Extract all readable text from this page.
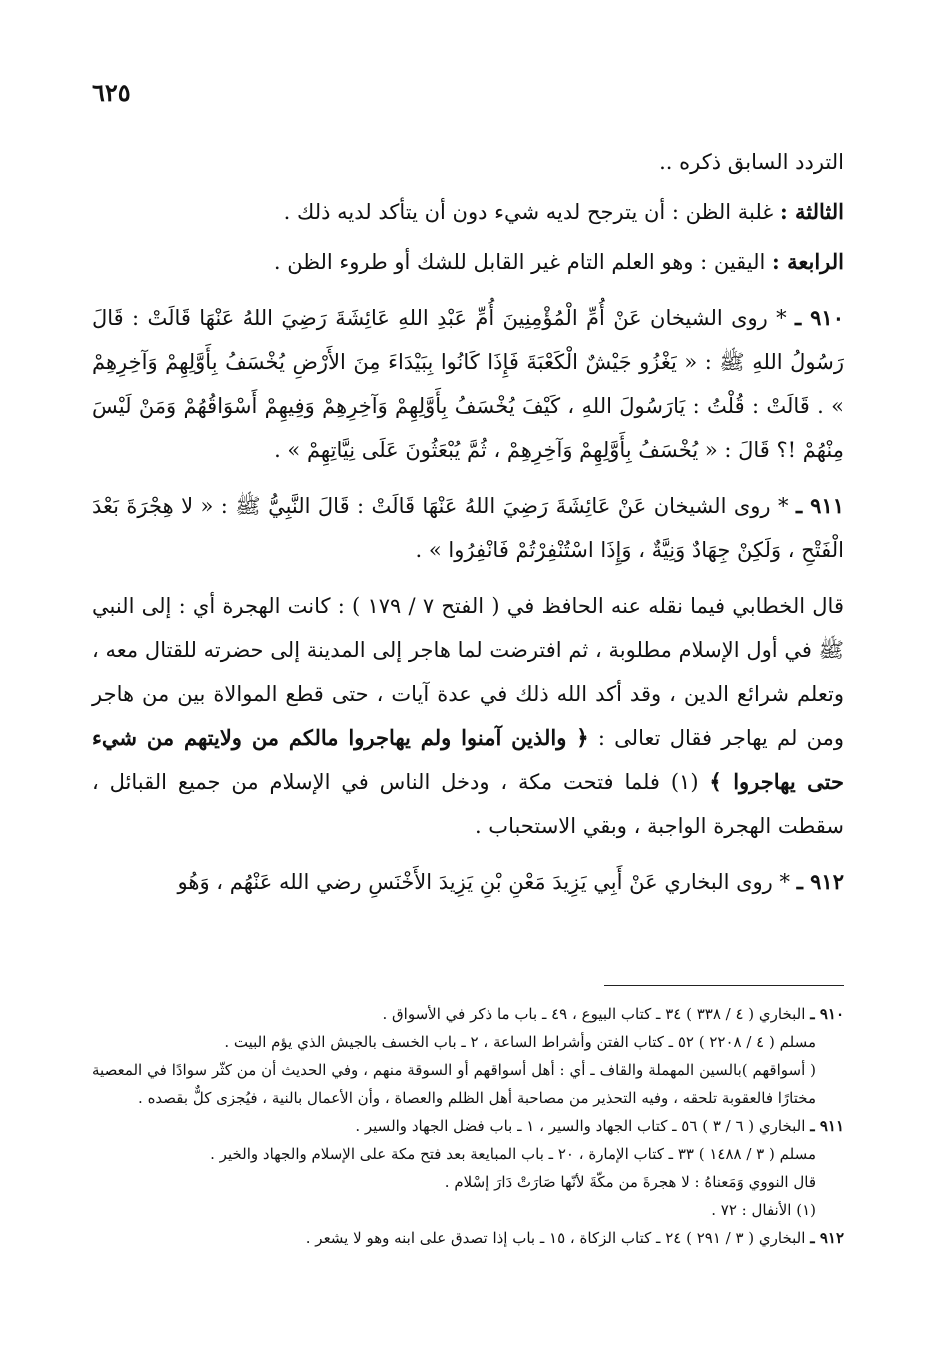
٦٢٥

التردد السابق ذكره ..

الثالثة : غلبة الظن : أن يترجح لديه شيء دون أن يتأكد لديه ذلك .

الرابعة : اليقين : وهو العلم التام غير القابل للشك أو طروء الظن .

٩١٠ ـ * روى الشيخان عَنْ أُمِّ الْمُؤْمِنِينَ أُمِّ عَبْدِ اللهِ عَائِشَةَ رَضِيَ اللهُ عَنْهَا قَالَتْ : قَالَ رَسُولُ اللهِ ﷺ : « يَغْزُو جَيْشٌ الْكَعْبَةَ فَإِذَا كَانُوا بِبَيْدَاءَ مِنَ الأَرْضِ يُخْسَفُ بِأَوَّلِهِمْ وَآخِرِهِمْ » . قَالَتْ : قُلْتُ : يَارَسُولَ اللهِ ، كَيْفَ يُخْسَفُ بِأَوَّلِهِمْ وَآخِرِهِمْ وَفِيهِمْ أَسْوَاقُهُمْ وَمَنْ لَيْسَ مِنْهُمْ !؟ قَالَ : « يُخْسَفُ بِأَوَّلِهِمْ وَآخِرِهِمْ ، ثُمَّ يُبْعَثُونَ عَلَى نِيَّاتِهِمْ » .

٩١١ ـ * روى الشيخان عَنْ عَائِشَةَ رَضِيَ اللهُ عَنْهَا قَالَتْ : قَالَ النَّبِيُّ ﷺ : « لا هِجْرَةَ بَعْدَ الْفَتْحِ ، وَلَكِنْ جِهَادٌ وَنِيَّةٌ ، وَإِذَا اسْتُنْفِرْتُمْ فَانْفِرُوا » .

قال الخطابي فيما نقله عنه الحافظ في ( الفتح ٧ / ١٧٩ ) : كانت الهجرة أي : إلى النبي ﷺ في أول الإسلام مطلوبة ، ثم افترضت لما هاجر إلى المدينة إلى حضرته للقتال معه ، وتعلم شرائع الدين ، وقد أكد الله ذلك في عدة آيات ، حتى قطع الموالاة بين من هاجر ومن لم يهاجر فقال تعالى : ﴿ والذين آمنوا ولم يهاجروا مالكم من ولايتهم من شيء حتى يهاجروا ﴾ (١) فلما فتحت مكة ، ودخل الناس في الإسلام من جميع القبائل ، سقطت الهجرة الواجبة ، وبقي الاستحباب .

٩١٢ ـ * روى البخاري عَنْ أَبِي يَزِيدَ مَعْنِ بْنِ يَزِيدَ الأَخْنَسِ رضي الله عَنْهُم ، وَهُو

٩١٠ ـ البخاري ( ٤ / ٣٣٨ ) ٣٤ ـ كتاب البيوع ، ٤٩ ـ باب ما ذكر في الأسواق .

مسلم ( ٤ / ٢٢٠٨ ) ٥٢ ـ كتاب الفتن وأشراط الساعة ، ٢ ـ باب الخسف بالجيش الذي يؤم البيت .

( أسواقهم )بالسين المهملة والقاف ـ أي : أهل أسواقهم أو السوقة منهم ، وفي الحديث أن من كثّر سوادًا في المعصية مختارًا فالعقوبة تلحقه ، وفيه التحذير من مصاحبة أهل الظلم والعصاة ، وأن الأعمال بالنية ، فيُجزى كلٌّ بقصده .

٩١١ ـ البخاري ( ٦ / ٣ ) ٥٦ ـ كتاب الجهاد والسير ، ١ ـ باب فضل الجهاد والسير .

مسلم ( ٣ / ١٤٨٨ ) ٣٣ ـ كتاب الإمارة ، ٢٠ ـ باب المبايعة بعد فتح مكة على الإسلام والجهاد والخير .

قال النووي وَمَعناهُ : لا هجرةَ من مكّةَ لأنّها صَارَتْ دَارَ إسْلام .

(١) الأنفال : ٧٢ .

٩١٢ ـ البخاري ( ٣ / ٢٩١ ) ٢٤ ـ كتاب الزكاة ، ١٥ ـ باب إذا تصدق على ابنه وهو لا يشعر .
